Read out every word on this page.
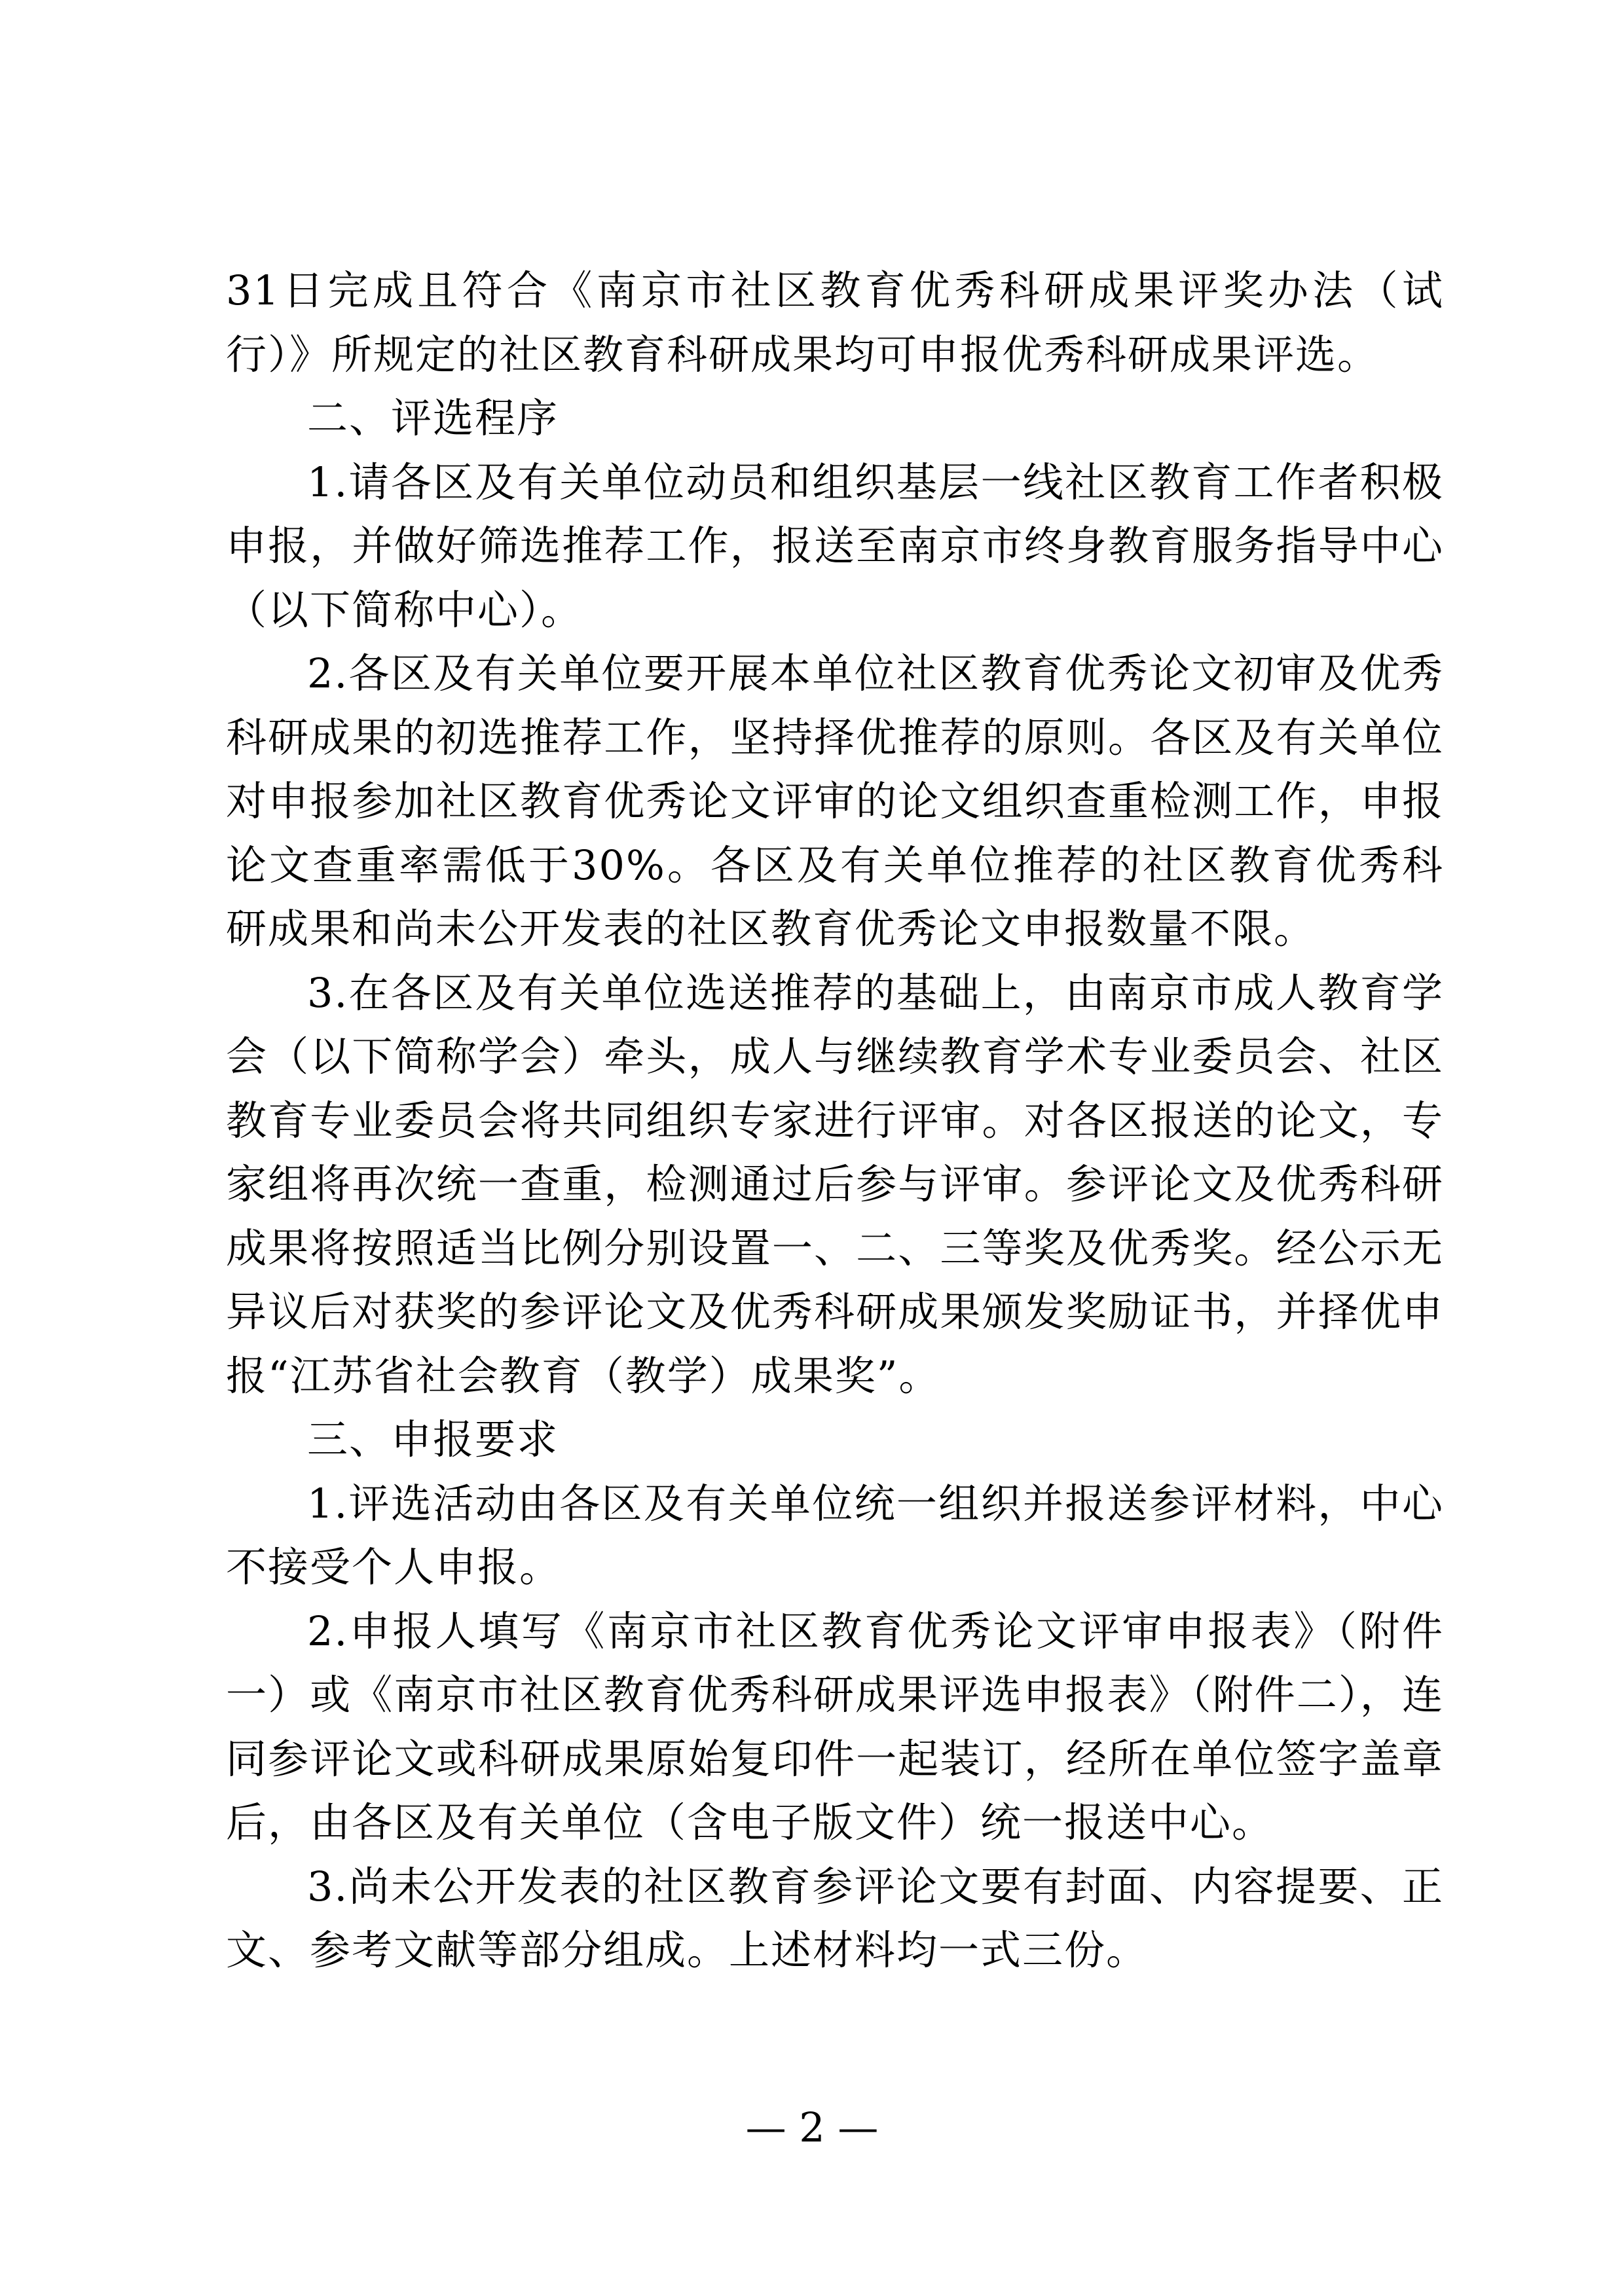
31日完成且符合《南京市社区教育优秀科研成果评奖办法（试行）》所规定的社区教育科研成果均可申报优秀科研成果评选。

二、评选程序

1.请各区及有关单位动员和组织基层一线社区教育工作者积极申报，并做好筛选推荐工作，报送至南京市终身教育服务指导中心（以下简称中心）。

2.各区及有关单位要开展本单位社区教育优秀论文初审及优秀科研成果的初选推荐工作，坚持择优推荐的原则。各区及有关单位对申报参加社区教育优秀论文评审的论文组织查重检测工作，申报论文查重率需低于30%。各区及有关单位推荐的社区教育优秀科研成果和尚未公开发表的社区教育优秀论文申报数量不限。

3.在各区及有关单位选送推荐的基础上，由南京市成人教育学会（以下简称学会）牵头，成人与继续教育学术专业委员会、社区教育专业委员会将共同组织专家进行评审。对各区报送的论文，专家组将再次统一查重，检测通过后参与评审。参评论文及优秀科研成果将按照适当比例分别设置一、二、三等奖及优秀奖。经公示无异议后对获奖的参评论文及优秀科研成果颁发奖励证书，并择优申报“江苏省社会教育（教学）成果奖”。

三、申报要求

1.评选活动由各区及有关单位统一组织并报送参评材料，中心不接受个人申报。

2.申报人填写《南京市社区教育优秀论文评审申报表》（附件一）或《南京市社区教育优秀科研成果评选申报表》（附件二），连同参评论文或科研成果原始复印件一起装订，经所在单位签字盖章后，由各区及有关单位（含电子版文件）统一报送中心。

3.尚未公开发表的社区教育参评论文要有封面、内容提要、正文、参考文献等部分组成。上述材料均一式三份。

— 2 —
